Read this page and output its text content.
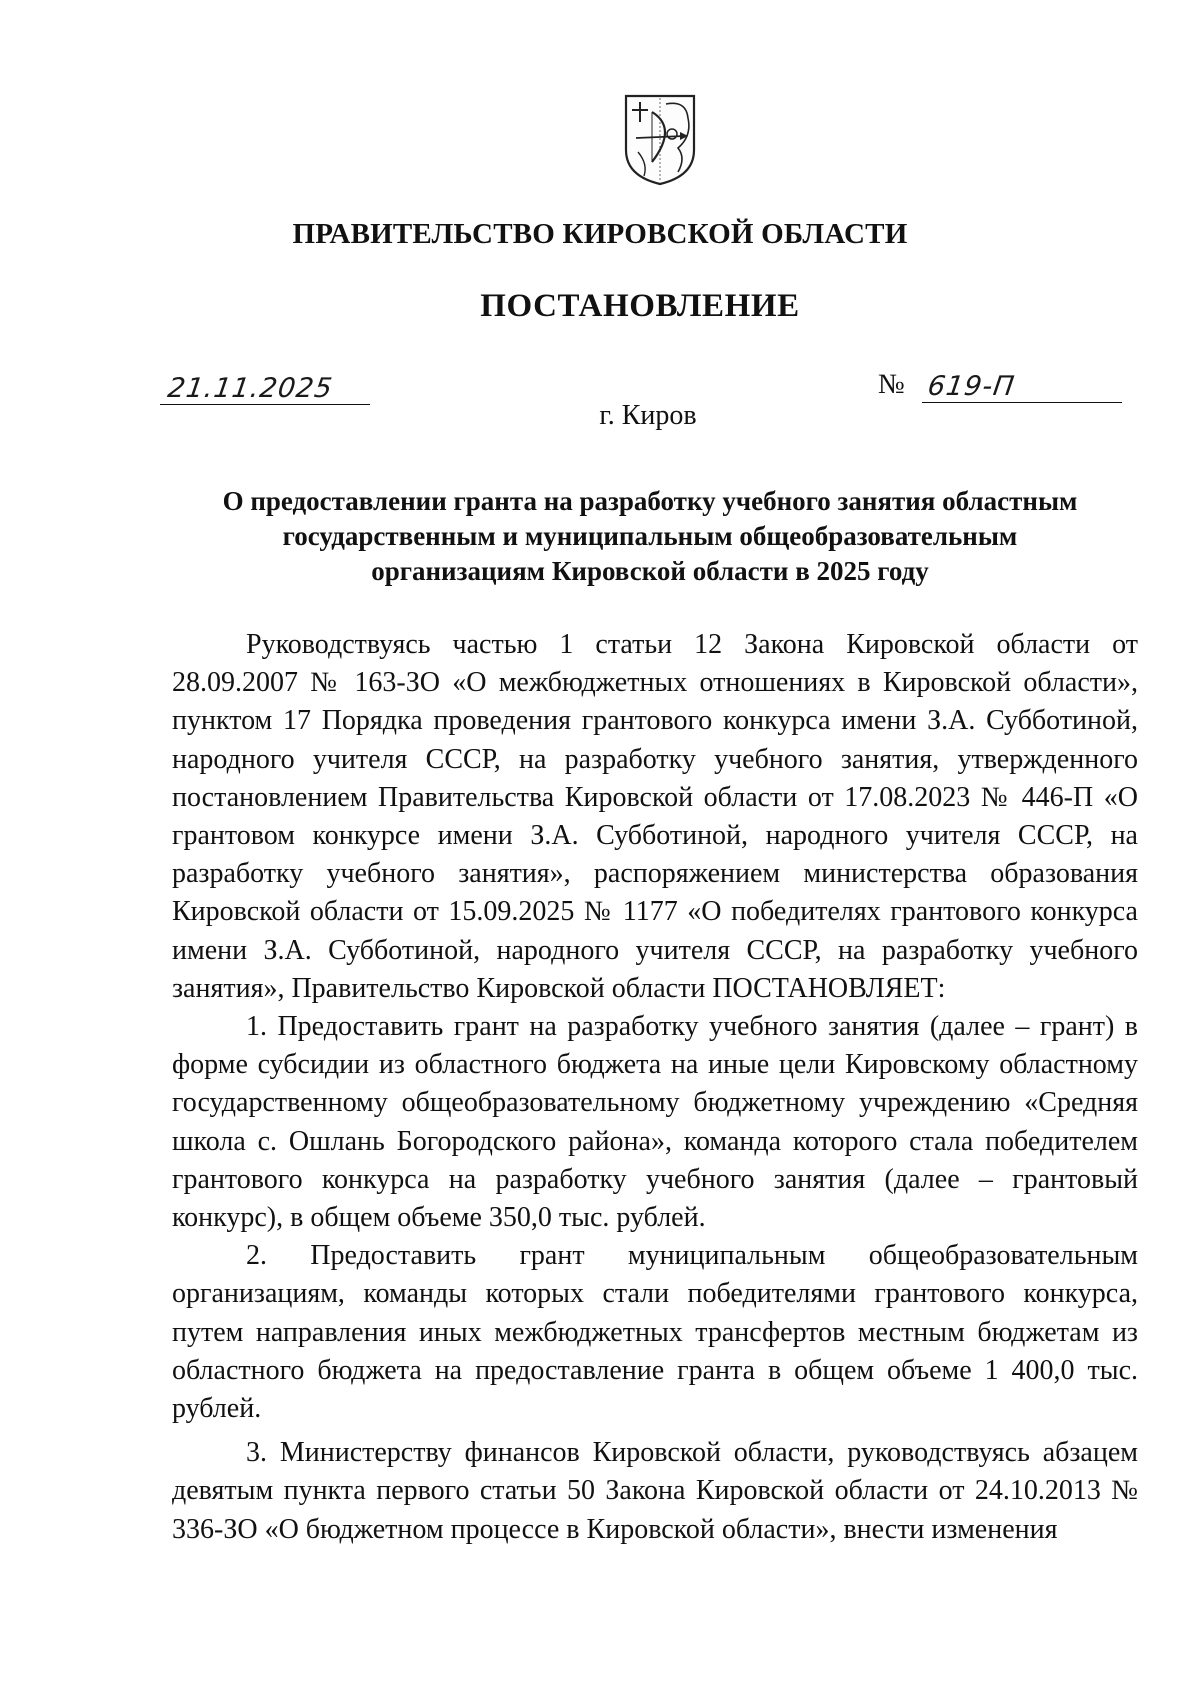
ПРАВИТЕЛЬСТВО КИРОВСКОЙ ОБЛАСТИ
ПОСТАНОВЛЕНИЕ
21.11.2025	№ 619-П
г. Киров
О предоставлении гранта на разработку учебного занятия областным
государственным и муниципальным общеобразовательным
организациям Кировской области в 2025 году

Руководствуясь частью 1 статьи 12 Закона Кировской области от 28.09.2007 № 163-ЗО «О межбюджетных отношениях в Кировской области», пунктом 17 Порядка проведения грантового конкурса имени З.А. Субботиной, народного учителя СССР, на разработку учебного занятия, утвержденного постановлением Правительства Кировской области от 17.08.2023 № 446-П «О грантовом конкурсе имени З.А. Субботиной, народного учителя СССР, на разработку учебного занятия», распоряжением министерства образования Кировской области от 15.09.2025 № 1177 «О победителях грантового конкурса имени З.А. Субботиной, народного учителя СССР, на разработку учебного занятия», Правительство Кировской области ПОСТАНОВЛЯЕТ:

1. Предоставить грант на разработку учебного занятия (далее – грант) в форме субсидии из областного бюджета на иные цели Кировскому областному государственному общеобразовательному бюджетному учреждению «Средняя школа с. Ошлань Богородского района», команда которого стала победителем грантового конкурса на разработку учебного занятия (далее – грантовый конкурс), в общем объеме 350,0 тыс. рублей.

2. Предоставить грант муниципальным общеобразовательным организациям, команды которых стали победителями грантового конкурса, путем направления иных межбюджетных трансфертов местным бюджетам из областного бюджета на предоставление гранта в общем объеме 1 400,0 тыс. рублей.

3. Министерству финансов Кировской области, руководствуясь абзацем девятым пункта первого статьи 50 Закона Кировской области от 24.10.2013 № 336-ЗО «О бюджетном процессе в Кировской области», внести изменения
